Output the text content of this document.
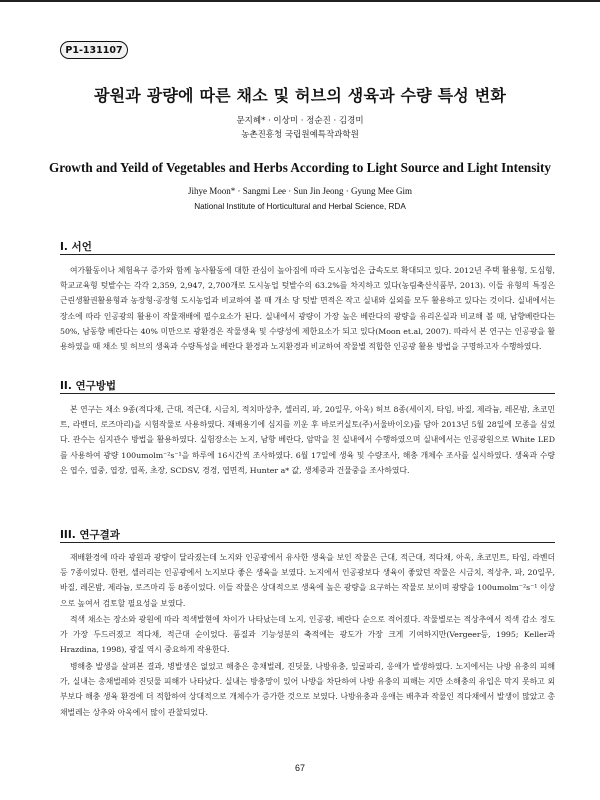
P1-131107
광원과 광량에 따른 채소 및 허브의 생육과 수량 특성 변화
문지혜* · 이상미 · 정순진 · 김경미
농촌진흥청 국립원예특작과학원
Growth and Yeild of Vegetables and Herbs According to Light Source and Light Intensity
Jihye Moon* · Sangmi Lee · Sun Jin Jeong · Gyung Mee Gim
National Institute of Horticultural and Herbal Science, RDA
I. 서언

여가활동이나 체험욕구 증가와 함께 농사활동에 대한 관심이 높아짐에 따라 도시농업은 급속도로 확대되고 있다. 2012년 주택 활용형, 도심형, 학교교육형 텃밭수는 각각 2,359, 2,947, 2,700개로 도시농업 텃밭수의 63.2%를 차지하고 있다(농림축산식품부, 2013). 이들 유형의 특징은 근린생활권활용형과 농장형·공장형 도시농업과 비교하여 볼 때 개소 당 텃밭 면적은 작고 실내와 실외를 모두 활용하고 있다는 것이다. 실내에서는 장소에 따라 인공광의 활용이 작물재배에 필수요소가 된다. 실내에서 광량이 가장 높은 베란다의 광량을 유리온실과 비교해 볼 때, 남향베란다는 50%, 남동향 베란다는 40% 미만으로 광환경은 작물생육 및 수량성에 제한요소가 되고 있다(Moon et.al, 2007). 따라서 본 연구는 인공광을 활용하였을 때 채소 및 허브의 생육과 수량특성을 베란다 환경과 노지환경과 비교하여 작물별 적합한 인공광 활용 방법을 구명하고자 수행하였다.

II. 연구방법

본 연구는 채소 9종(적다채, 근대, 적근대, 시금치, 적치마상추, 셀러리, 파, 20일무, 아욱) 허브 8종(세이지, 타임, 바질, 제라늄, 레몬밤, 초코민트, 라벤더, 로즈마리)을 시험작물로 사용하였다. 재배용기에 심지를 끼운 후 바로커실토(주)서울바이오)를 담아 2013년 5월 28일에 모종을 심었다. 관수는 심지관수 방법을 활용하였다. 실험장소는 노지, 남향 베란다, 암막을 친 실내에서 수행하였으며 실내에서는 인공광원으로 White LED를 사용하여 광량 100umolm⁻²s⁻¹을 하루에 16시간씩 조사하였다. 6월 17일에 생육 및 수량조사, 해충 개체수 조사를 실시하였다. 생육과 수량은 엽수, 엽중, 엽장, 엽폭, 초장, SCDSV, 경경, 엽면적, Hunter a* 값, 생체중과 건물중을 조사하였다.

III. 연구결과

재배환경에 따라 광원과 광량이 달라졌는데 노지와 인공광에서 유사한 생육을 보인 작물은 근대, 적근대, 적다채, 아욱, 초코민트, 타임, 라벤더 등 7종이었다. 한편, 셀러리는 인공광에서 노지보다 좋은 생육을 보였다. 노지에서 인공광보다 생육이 좋았던 작물은 시금치, 적상추, 파, 20일무, 바질, 레몬밤, 제라늄, 로즈마리 등 8종이었다. 이들 작물은 상대적으로 생육에 높은 광량을 요구하는 작물로 보이며 광량을 100umolm⁻²s⁻¹ 이상으로 높여서 검토할 필요성을 보였다.

적색 채소는 장소와 광원에 따라 적색발현에 차이가 나타났는데 노지, 인공광, 베란다 순으로 적어졌다. 작물별로는 적상추에서 적색 감소 정도가 가장 두드러졌고 적다채, 적근대 순이었다. 품질과 기능성분의 축적에는 광도가 가장 크게 기여하지만(Vergeer등, 1995; Keller과 Hrazdina, 1998), 광질 역시 중요하게 작용한다.

병해충 발생을 살펴본 결과, 병발생은 없었고 해충은 총채벌레, 진딧물, 나방유충, 잎굴파리, 응애가 발생하였다. 노지에서는 나방 유충의 피해가, 실내는 총채벌레와 진딧물 피해가 나타났다. 실내는 방충망이 있어 나방을 차단하여 나방 유충의 피해는 지만 소해충의 유입은 막지 못하고 외부보다 해충 생육 환경에 더 적합하여 상대적으로 개체수가 증가한 것으로 보였다. 나방유충과 응애는 배추과 작물인 적다채에서 발생이 많았고 총채벌레는 상추와 아욱에서 많이 관찰되었다.

67
